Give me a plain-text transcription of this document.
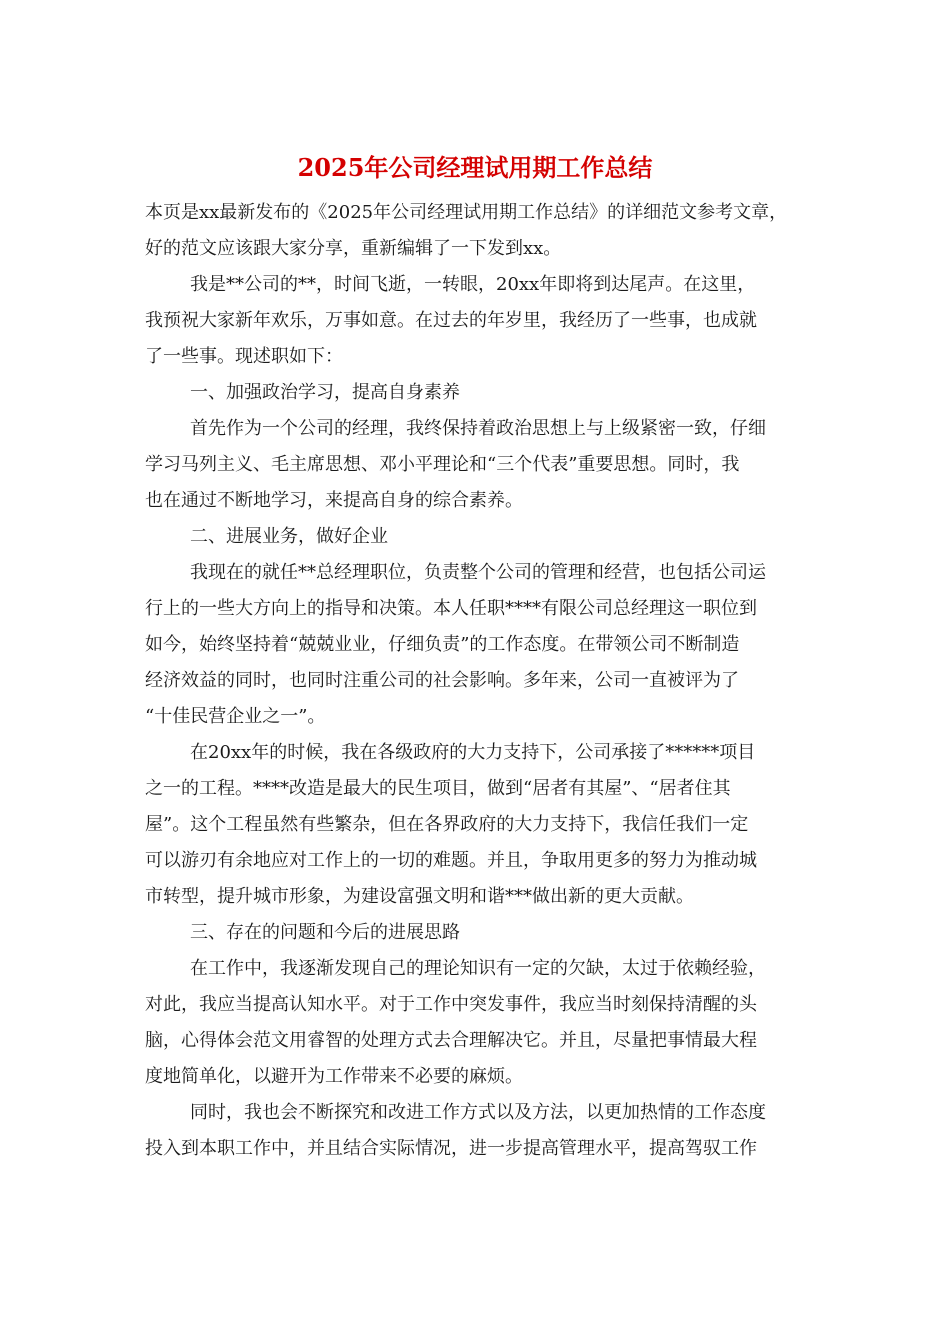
2025年公司经理试用期工作总结

本页是xx最新发布的《2025年公司经理试用期工作总结》的详细范文参考文章，

好的范文应该跟大家分享，重新编辑了一下发到xx。

我是**公司的**，时间飞逝，一转眼，20xx年即将到达尾声。在这里，

我预祝大家新年欢乐，万事如意。在过去的年岁里，我经历了一些事，也成就

了一些事。现述职如下：

一、加强政治学习，提高自身素养

首先作为一个公司的经理，我终保持着政治思想上与上级紧密一致，仔细

学习马列主义、毛主席思想、邓小平理论和“三个代表”重要思想。同时，我

也在通过不断地学习，来提高自身的综合素养。

二、进展业务，做好企业

我现在的就任**总经理职位，负责整个公司的管理和经营，也包括公司运

行上的一些大方向上的指导和决策。本人任职****有限公司总经理这一职位到

如今，始终坚持着“兢兢业业，仔细负责”的工作态度。在带领公司不断制造

经济效益的同时，也同时注重公司的社会影响。多年来，公司一直被评为了

“十佳民营企业之一”。

在20xx年的时候，我在各级政府的大力支持下，公司承接了******项目

之一的工程。****改造是最大的民生项目，做到“居者有其屋”、“居者住其

屋”。这个工程虽然有些繁杂，但在各界政府的大力支持下，我信任我们一定

可以游刃有余地应对工作上的一切的难题。并且，争取用更多的努力为推动城

市转型，提升城市形象，为建设富强文明和谐***做出新的更大贡献。

三、存在的问题和今后的进展思路

在工作中，我逐渐发现自己的理论知识有一定的欠缺，太过于依赖经验，

对此，我应当提高认知水平。对于工作中突发事件，我应当时刻保持清醒的头

脑，心得体会范文用睿智的处理方式去合理解决它。并且，尽量把事情最大程

度地简单化，以避开为工作带来不必要的麻烦。

同时，我也会不断探究和改进工作方式以及方法，以更加热情的工作态度

投入到本职工作中，并且结合实际情况，进一步提高管理水平，提高驾驭工作
